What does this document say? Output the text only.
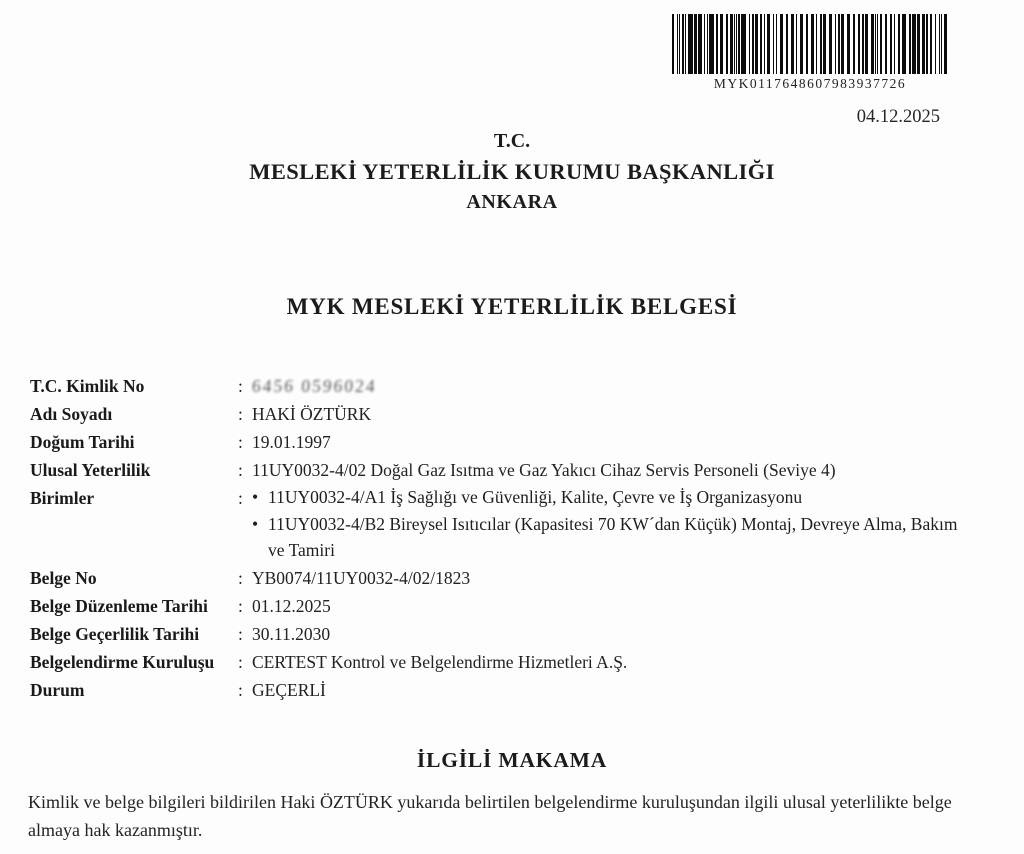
MYK0117648607983937726
04.12.2025
T.C.
MESLEKİ YETERLİLİK KURUMU BAŞKANLIĞI
ANKARA
MYK MESLEKİ YETERLİLİK BELGESİ
T.C. Kimlik No	: 6456 0596024
Adı Soyadı	: HAKİ ÖZTÜRK
Doğum Tarihi	: 19.01.1997
Ulusal Yeterlilik	: 11UY0032-4/02 Doğal Gaz Isıtma ve Gaz Yakıcı Cihaz Servis Personeli (Seviye 4)
Birimler	: • 11UY0032-4/A1 İş Sağlığı ve Güvenliği, Kalite, Çevre ve İş Organizasyonu
• 11UY0032-4/B2 Bireysel Isıtıcılar (Kapasitesi 70 KW´dan Küçük) Montaj, Devreye Alma, Bakım ve Tamiri
Belge No	: YB0074/11UY0032-4/02/1823
Belge Düzenleme Tarihi	: 01.12.2025
Belge Geçerlilik Tarihi	: 30.11.2030
Belgelendirme Kuruluşu	: CERTEST Kontrol ve Belgelendirme Hizmetleri A.Ş.
Durum	: GEÇERLİ
İLGİLİ MAKAMA
Kimlik ve belge bilgileri bildirilen Haki ÖZTÜRK yukarıda belirtilen belgelendirme kuruluşundan ilgili ulusal yeterlilikte belge almaya hak kazanmıştır.
